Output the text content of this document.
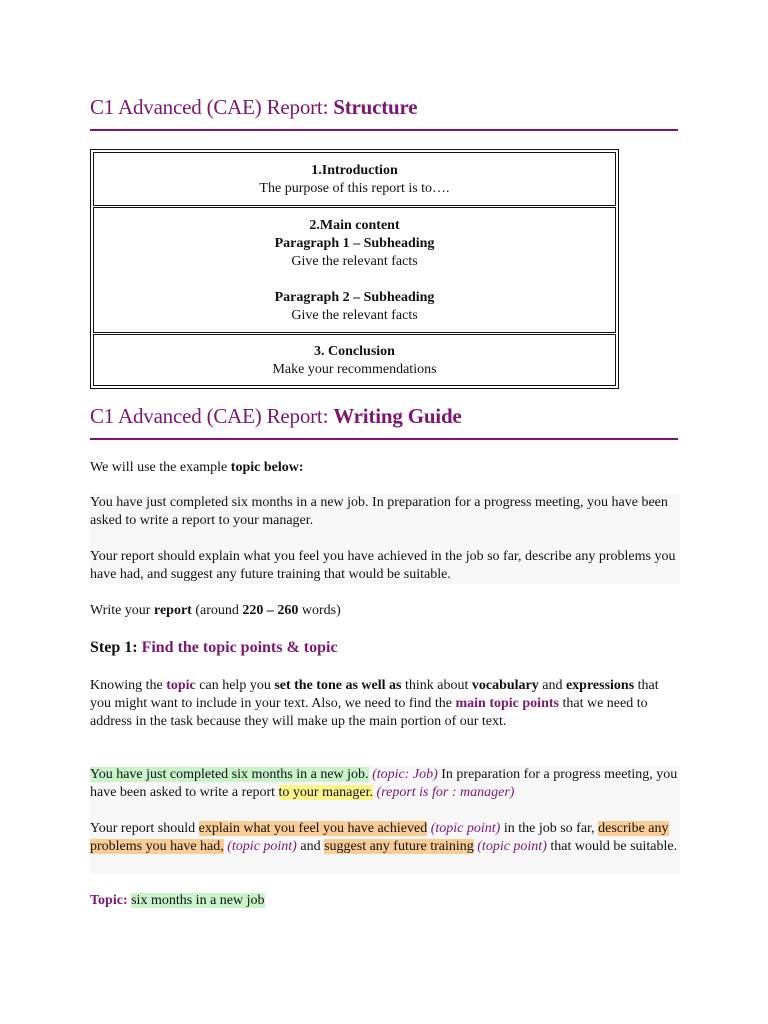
C1 Advanced (CAE) Report: Structure
1.Introduction
The purpose of this report is to….
2.Main content
Paragraph 1 – Subheading
Give the relevant facts
Paragraph 2 – Subheading
Give the relevant facts
3. Conclusion
Make your recommendations
C1 Advanced (CAE) Report: Writing Guide
We will use the example topic below:
You have just completed six months in a new job. In preparation for a progress meeting, you have been asked to write a report to your manager.
Your report should explain what you feel you have achieved in the job so far, describe any problems you have had, and suggest any future training that would be suitable.
Write your report (around 220 – 260 words)
Step 1: Find the topic points & topic
Knowing the topic can help you set the tone as well as think about vocabulary and expressions that you might want to include in your text. Also, we need to find the main topic points that we need to address in the task because they will make up the main portion of our text.
You have just completed six months in a new job. (topic: Job) In preparation for a progress meeting, you have been asked to write a report to your manager. (report is for : manager)
Your report should explain what you feel you have achieved (topic point) in the job so far, describe any problems you have had, (topic point) and suggest any future training (topic point) that would be suitable.
Topic: six months in a new job
